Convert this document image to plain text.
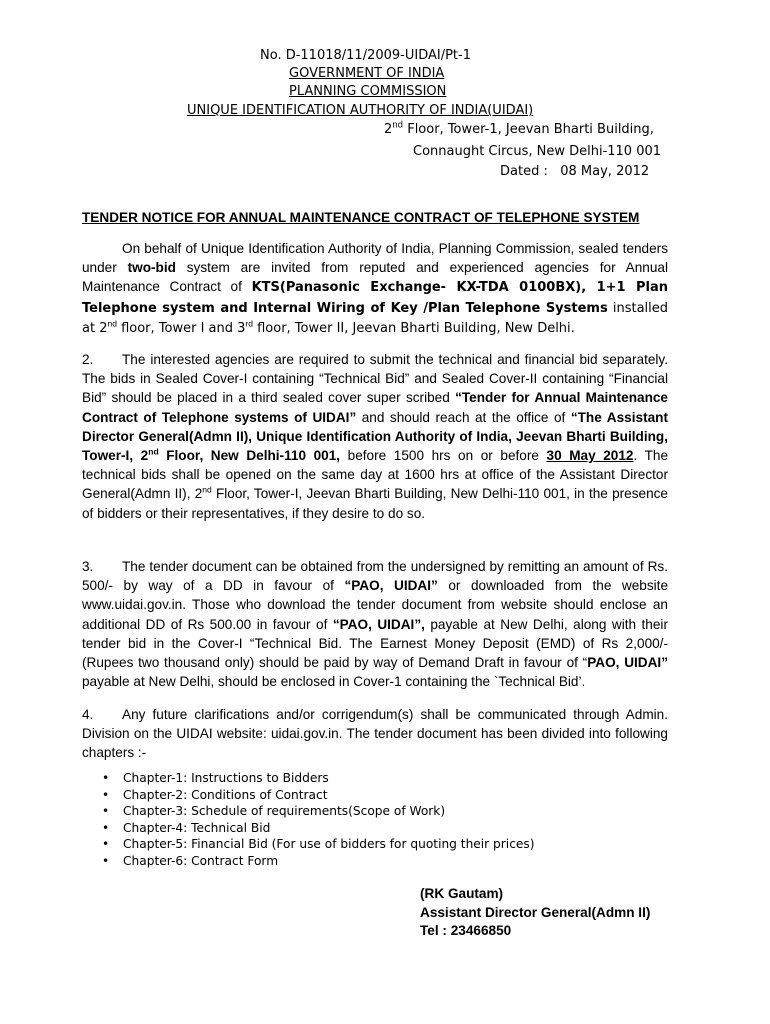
No. D-11018/11/2009-UIDAI/Pt-1
GOVERNMENT OF INDIA
PLANNING COMMISSION
UNIQUE IDENTIFICATION AUTHORITY OF INDIA(UIDAI)
2nd Floor, Tower-1, Jeevan Bharti Building,
Connaught Circus, New Delhi-110 001
Dated : 08 May, 2012
TENDER NOTICE FOR ANNUAL MAINTENANCE CONTRACT OF TELEPHONE SYSTEM
On behalf of Unique Identification Authority of India, Planning Commission, sealed tenders under two-bid system are invited from reputed and experienced agencies for Annual Maintenance Contract of KTS(Panasonic Exchange- KX-TDA 0100BX), 1+1 Plan Telephone system and Internal Wiring of Key /Plan Telephone Systems installed at 2nd floor, Tower I and 3rd floor, Tower II, Jeevan Bharti Building, New Delhi.
2. The interested agencies are required to submit the technical and financial bid separately. The bids in Sealed Cover-I containing “Technical Bid” and Sealed Cover-II containing “Financial Bid” should be placed in a third sealed cover super scribed “Tender for Annual Maintenance Contract of Telephone systems of UIDAI” and should reach at the office of “The Assistant Director General(Admn II), Unique Identification Authority of India, Jeevan Bharti Building, Tower-I, 2nd Floor, New Delhi-110 001, before 1500 hrs on or before 30 May 2012. The technical bids shall be opened on the same day at 1600 hrs at office of the Assistant Director General(Admn II), 2nd Floor, Tower-I, Jeevan Bharti Building, New Delhi-110 001, in the presence of bidders or their representatives, if they desire to do so.
3. The tender document can be obtained from the undersigned by remitting an amount of Rs. 500/- by way of a DD in favour of “PAO, UIDAI” or downloaded from the website www.uidai.gov.in. Those who download the tender document from website should enclose an additional DD of Rs 500.00 in favour of “PAO, UIDAI”, payable at New Delhi, along with their tender bid in the Cover-I “Technical Bid. The Earnest Money Deposit (EMD) of Rs 2,000/- (Rupees two thousand only) should be paid by way of Demand Draft in favour of “PAO, UIDAI” payable at New Delhi, should be enclosed in Cover-1 containing the `Technical Bid’.
4. Any future clarifications and/or corrigendum(s) shall be communicated through Admin. Division on the UIDAI website: uidai.gov.in. The tender document has been divided into following chapters :-
• Chapter-1: Instructions to Bidders
• Chapter-2: Conditions of Contract
• Chapter-3: Schedule of requirements(Scope of Work)
• Chapter-4: Technical Bid
• Chapter-5: Financial Bid (For use of bidders for quoting their prices)
• Chapter-6: Contract Form
(RK Gautam)
Assistant Director General(Admn II)
Tel : 23466850
